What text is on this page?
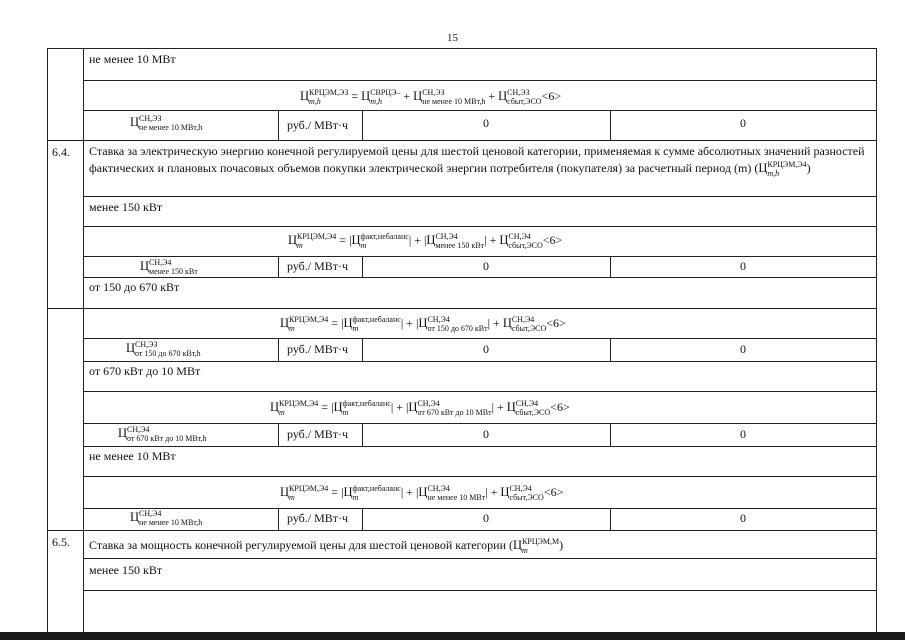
15
не менее 10 МВт
Ц КРЦЭМ,ЭЗ
m,h	= Ц СВРЦЭ–
m,h	+ Ц СН,ЭЗ
не менее 10 МВт,h + Ц СН,ЭЗ
сбыт,ЭСО <6>
Ц СН,ЭЗ
не менее 10 МВт,h	руб./ МВт·ч	0	0
6.4. Ставка за электрическую энергию конечной регулируемой цены для шестой ценовой категории, применяемая к сумме абсолютных значений разностей фактических и плановых почасовых объемов покупки электрической энергии потребителя (покупателя) за расчетный период (m) (Ц КРЦЭМ,Э4
m,h	)
менее 150 кВт
Ц КРЦЭМ,Э4
m	= |Ц факт,небаланс
m	| + |Ц СН,Э4
менее 150 кВт | + Ц СН,Э4
сбыт,ЭСО <6>
Ц СН,Э4
менее 150 кВт	руб./ МВт·ч	0	0
от 150 до 670 кВт
Ц КРЦЭМ,Э4
m	= |Ц факт,небаланс
m	| + |Ц СН,Э4
от 150 до 670 кВт | + Ц СН,Э4
сбыт,ЭСО <6>
Ц СН,ЭЗ
от 150 до 670 кВт,h	руб./ МВт·ч	0	0
от 670 кВт до 10 МВт
Ц КРЦЭМ,Э4
m	= |Ц факт,небаланс
m	| + |Ц СН,Э4
от 670 кВт до 10 МВт | + Ц СН,Э4
сбыт,ЭСО <6>
Ц СН,Э4
от 670 кВт до 10 МВт,h	руб./ МВт·ч	0	0
не менее 10 МВт
Ц КРЦЭМ,Э4
m	= |Ц факт,небаланс
m	| + |Ц СН,Э4
не менее 10 МВт | + Ц СН,Э4
сбыт,ЭСО <6>
Ц СН,Э4
не менее 10 МВт,h	руб./ МВт·ч	0	0
6.5. Ставка за мощность конечной регулируемой цены для шестой ценовой категории (Ц КРЦЭМ,М
m	)
менее 150 кВт
